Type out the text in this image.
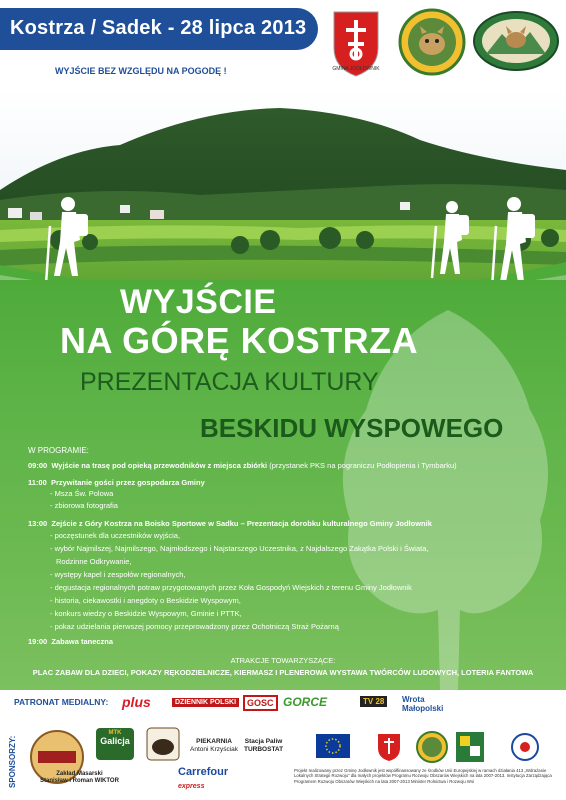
Kostrza / Sadek - 28 lipca 2013
WYJŚCIE BEZ WZGLĘDU NA POGODĘ !	GMINA JODŁOWNIK
WYJŚCIE
NA GÓRĘ KOSTRZA
PREZENTACJA KULTURY
BESKIDU WYSPOWEGO
W PROGRAMIE:
09:00 Wyjście na trasę pod opieką przewodników z miejsca zbiórki (przystanek PKS na pograniczu Podłopienia i Tymbarku)
11:00 Przywitanie gości przez gospodarza Gminy
- Msza Św. Polowa
- zbiorowa fotografia
13:00 Zejście z Góry Kostrza na Boisko Sportowe w Sadku – Prezentacja dorobku kulturalnego Gminy Jodłownik
- poczęstunek dla uczestników wyjścia,
- wybór Najmilszej, Najmilszego, Najmłodszego i Najstarszego Uczestnika, z Najdalszego Zakątka Polski i Świata,
Rodzinne Odkrywanie,
- występy kapel i zespołów regionalnych,
- degustacja regionalnych potraw przygotowanych przez Koła Gospodyń Wiejskich z terenu Gminy Jodłownik
- historia, ciekawostki i anegdoty o Beskidzie Wyspowym,
- konkurs wiedzy o Beskidzie Wyspowym, Gminie i PTTK,
- pokaz udzielania pierwszej pomocy przeprowadzony przez Ochotniczą Straż Pożarną
19:00 Zabawa taneczna
ATRAKCJE TOWARZYSZĄCE:
PLAC ZABAW DLA DZIECI, POKAZY RĘKODZIELNICZE, KIERMASZ I PLENEROWA WYSTAWA TWÓRCÓW LUDOWYCH, LOTERIA FANTOWA
PATRONAT MEDIALNY: plus	DZIENNIK POLSKI	GOSC GORCE	TV 28	Wrota Małopolski
SPONSORZY:
MTK
Galicja	PIEKARNIA
Antoni Krzyściak
Stacja Paliw
TURBOSTAT
Zakład Masarski
Stanisław i Roman WIKTOR
Carrefour
express
Projekt realizowany przez Gminę Jodłownik jest współfinansowany ze środków Unii Europejskiej w ramach działania 413 „Wdrażanie Lokalnych Strategii Rozwoju" dla małych projektów Programu Rozwoju Obszarów Wiejskich na lata 2007-2013. Instytucja Zarządzająca Programem Rozwoju Obszarów Wiejskich na lata 2007-2013 Minister Rolnictwa i Rozwoju Wsi
